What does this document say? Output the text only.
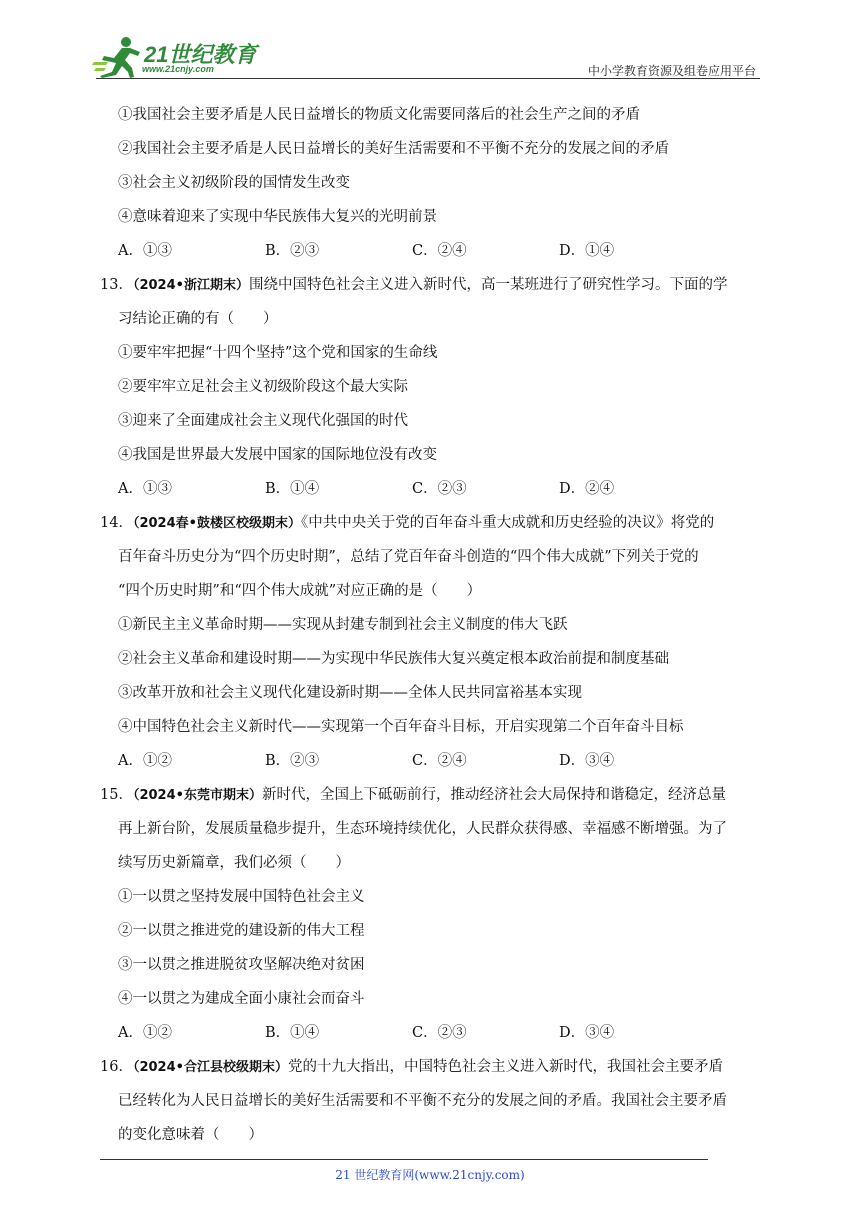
21世纪教育
www.21cnjy.com	中小学教育资源及组卷应用平台
①我国社会主要矛盾是人民日益增长的物质文化需要同落后的社会生产之间的矛盾
②我国社会主要矛盾是人民日益增长的美好生活需要和不平衡不充分的发展之间的矛盾
③社会主义初级阶段的国情发生改变
④意味着迎来了实现中华民族伟大复兴的光明前景
A．①③	B．②③	C．②④	D．①④
13．（2024•浙江期末）围绕中国特色社会主义进入新时代，高一某班进行了研究性学习。下面的学
习结论正确的有（　　）
①要牢牢把握“十四个坚持”这个党和国家的生命线
②要牢牢立足社会主义初级阶段这个最大实际
③迎来了全面建成社会主义现代化强国的时代
④我国是世界最大发展中国家的国际地位没有改变
A．①③	B．①④	C．②③	D．②④
14．（2024春•鼓楼区校级期末）《中共中央关于党的百年奋斗重大成就和历史经验的决议》将党的
百年奋斗历史分为“四个历史时期”，总结了党百年奋斗创造的“四个伟大成就”下列关于党的
“四个历史时期”和“四个伟大成就”对应正确的是（　　）
①新民主主义革命时期——实现从封建专制到社会主义制度的伟大飞跃
②社会主义革命和建设时期——为实现中华民族伟大复兴奠定根本政治前提和制度基础
③改革开放和社会主义现代化建设新时期——全体人民共同富裕基本实现
④中国特色社会主义新时代——实现第一个百年奋斗目标，开启实现第二个百年奋斗目标
A．①②	B．②③	C．②④	D．③④
15．（2024•东莞市期末）新时代，全国上下砥砺前行，推动经济社会大局保持和谐稳定，经济总量
再上新台阶，发展质量稳步提升，生态环境持续优化，人民群众获得感、幸福感不断增强。为了
续写历史新篇章，我们必须（　　）
①一以贯之坚持发展中国特色社会主义
②一以贯之推进党的建设新的伟大工程
③一以贯之推进脱贫攻坚解决绝对贫困
④一以贯之为建成全面小康社会而奋斗
A．①②	B．①④	C．②③	D．③④
16．（2024•合江县校级期末）党的十九大指出，中国特色社会主义进入新时代，我国社会主要矛盾
已经转化为人民日益增长的美好生活需要和不平衡不充分的发展之间的矛盾。我国社会主要矛盾
的变化意味着（　　）
21 世纪教育网(www.21cnjy.com)
